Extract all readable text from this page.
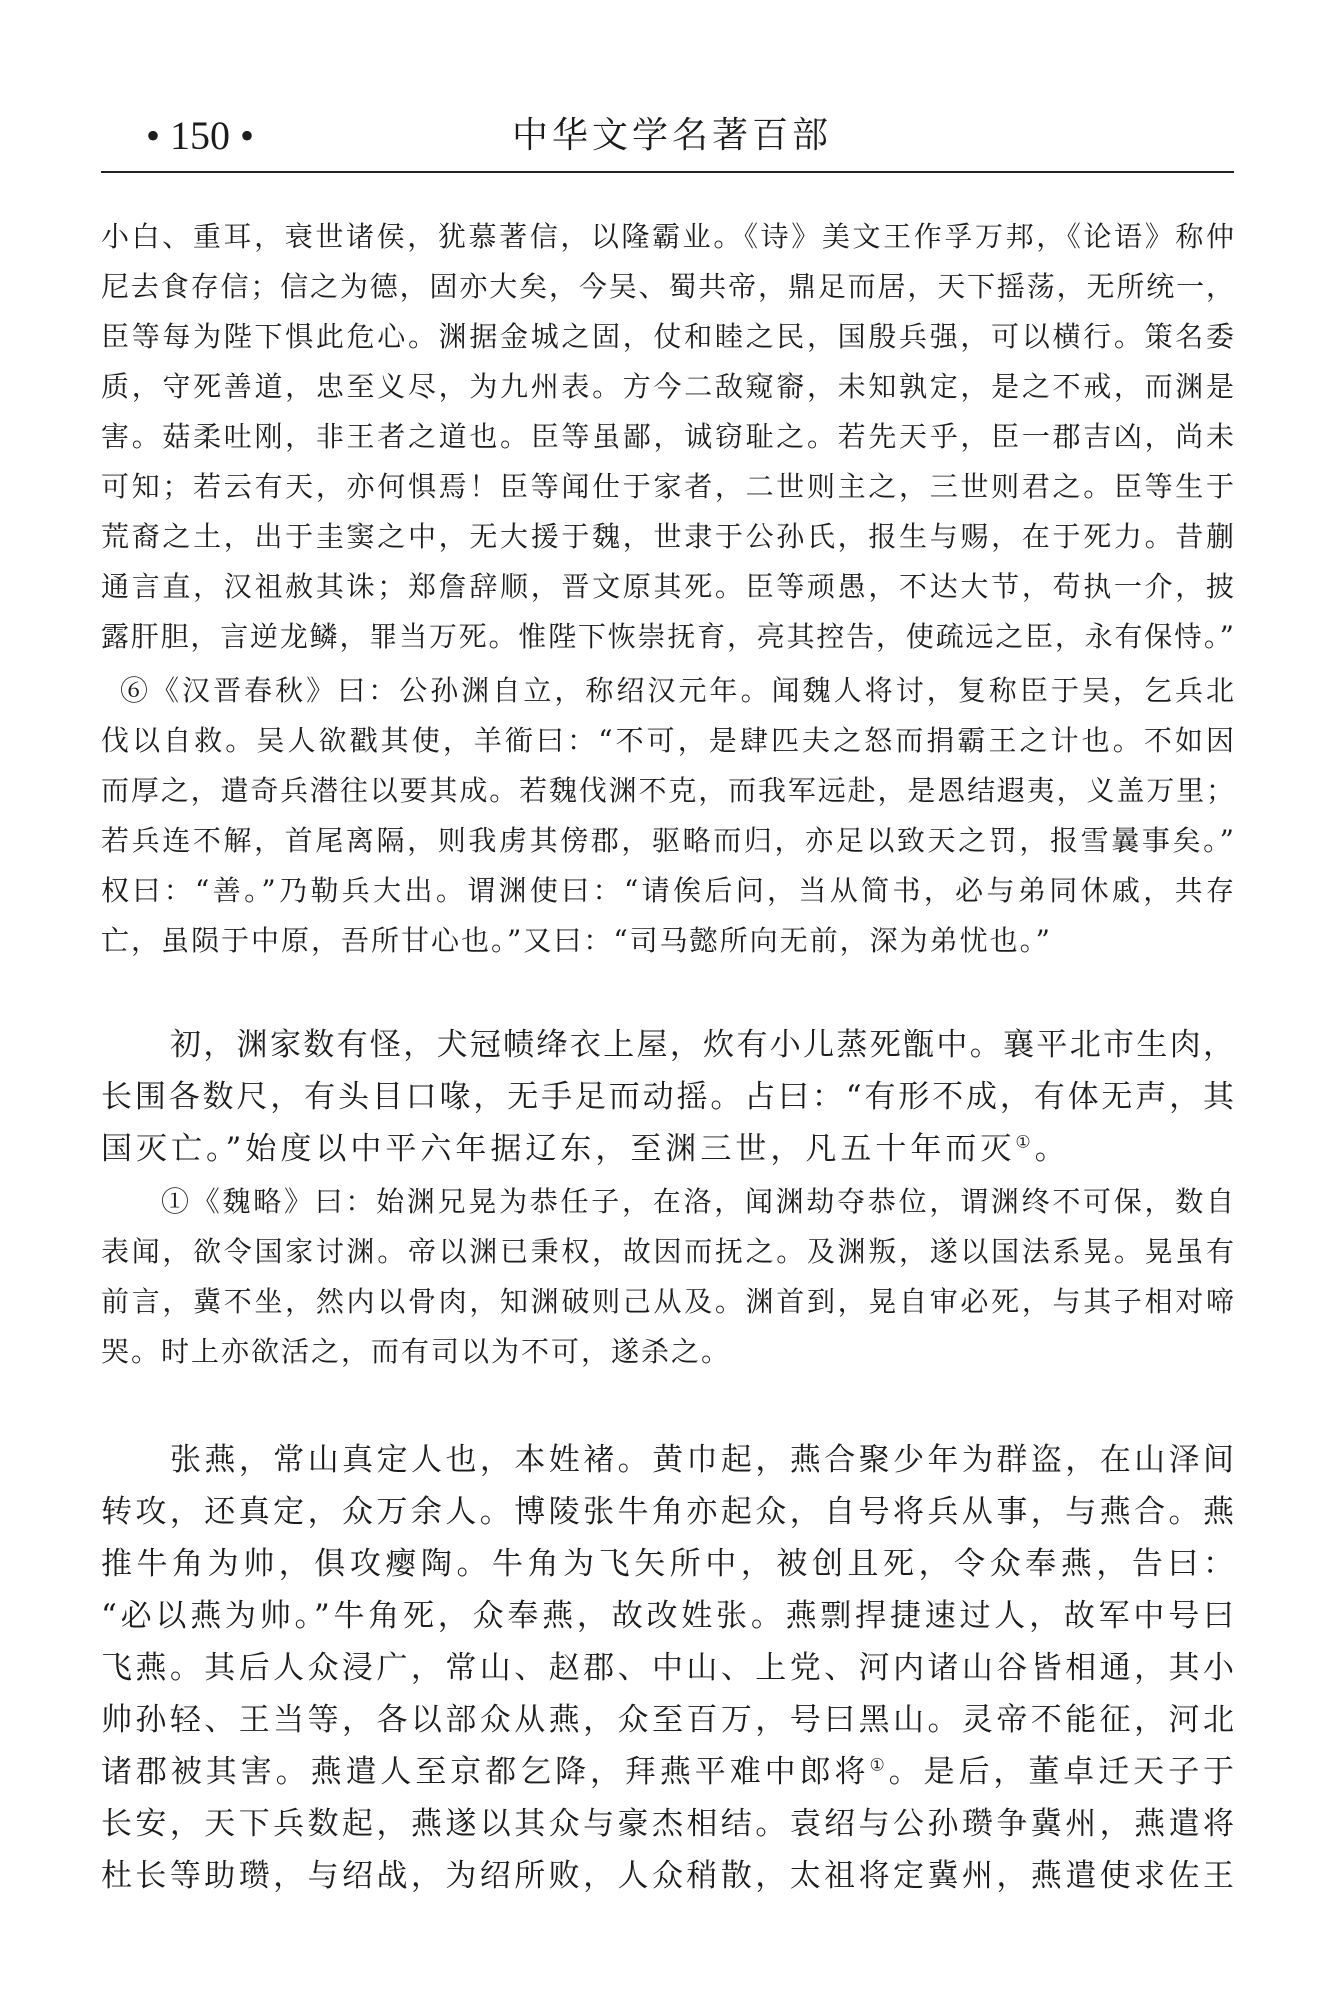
• 150 •	中华文学名著百部
小白、重耳，衰世诸侯，犹慕著信，以隆霸业。《诗》美文王作孚万邦，《论语》称仲
尼去食存信；信之为德，固亦大矣，今吴、蜀共帝，鼎足而居，天下摇荡，无所统一，
臣等每为陛下惧此危心。渊据金城之固，仗和睦之民，国殷兵强，可以横行。策名委
质，守死善道，忠至义尽，为九州表。方今二敌窥窬，未知孰定，是之不戒，而渊是
害。菇柔吐刚，非王者之道也。臣等虽鄙，诚窃耻之。若先天乎，臣一郡吉凶，尚未
可知；若云有天，亦何惧焉！臣等闻仕于家者，二世则主之，三世则君之。臣等生于
荒裔之土，出于圭窦之中，无大援于魏，世隶于公孙氏，报生与赐，在于死力。昔蒯
通言直，汉祖赦其诛；郑詹辞顺，晋文原其死。臣等顽愚，不达大节，苟执一介，披
露肝胆，言逆龙鳞，罪当万死。惟陛下恢崇抚育，亮其控告，使疏远之臣，永有保恃。”
⑥《汉晋春秋》曰：公孙渊自立，称绍汉元年。闻魏人将讨，复称臣于吴，乞兵北
伐以自救。吴人欲戳其使，羊衜曰：“不可，是肆匹夫之怒而捐霸王之计也。不如因
而厚之，遣奇兵潜往以要其成。若魏伐渊不克，而我军远赴，是恩结遐夷，义盖万里；
若兵连不解，首尾离隔，则我虏其傍郡，驱略而归，亦足以致天之罚，报雪曩事矣。”
权曰：“善。”乃勒兵大出。谓渊使曰：“请俟后问，当从简书，必与弟同休戚，共存
亡，虽陨于中原，吾所甘心也。”又曰：“司马懿所向无前，深为弟忧也。”
初，渊家数有怪，犬冠帻绛衣上屋，炊有小儿蒸死甑中。襄平北市生肉，
长围各数尺，有头目口喙，无手足而动摇。占曰：“有形不成，有体无声，其
国灭亡。”始度以中平六年据辽东，至渊三世，凡五十年而灭①。
①《魏略》曰：始渊兄晃为恭任子，在洛，闻渊劫夺恭位，谓渊终不可保，数自
表闻，欲令国家讨渊。帝以渊已秉权，故因而抚之。及渊叛，遂以国法系晃。晃虽有
前言，冀不坐，然内以骨肉，知渊破则己从及。渊首到，晃自审必死，与其子相对啼
哭。时上亦欲活之，而有司以为不可，遂杀之。
张燕，常山真定人也，本姓褚。黄巾起，燕合聚少年为群盗，在山泽间
转攻，还真定，众万余人。博陵张牛角亦起众，自号将兵从事，与燕合。燕
推牛角为帅，俱攻瘿陶。牛角为飞矢所中，被创且死，令众奉燕，告曰：
“必以燕为帅。”牛角死，众奉燕，故改姓张。燕剽捍捷速过人，故军中号曰
飞燕。其后人众浸广，常山、赵郡、中山、上党、河内诸山谷皆相通，其小
帅孙轻、王当等，各以部众从燕，众至百万，号曰黑山。灵帝不能征，河北
诸郡被其害。燕遣人至京都乞降，拜燕平难中郎将①。是后，董卓迁天子于
长安，天下兵数起，燕遂以其众与豪杰相结。袁绍与公孙瓒争冀州，燕遣将
杜长等助瓒，与绍战，为绍所败，人众稍散，太祖将定冀州，燕遣使求佐王
